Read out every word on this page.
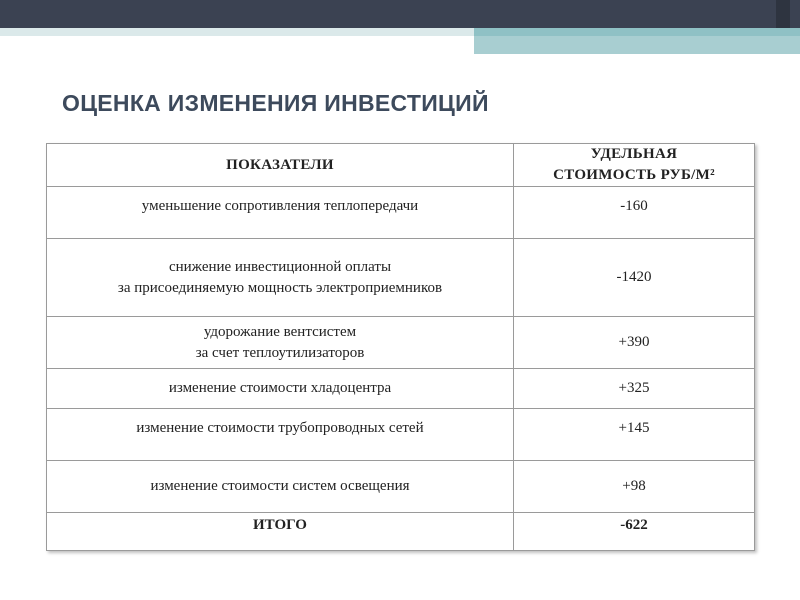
ОЦЕНКА ИЗМЕНЕНИЯ ИНВЕСТИЦИЙ
ПОКАЗАТЕЛИ	УДЕЛЬНАЯ
СТОИМОСТЬ РУБ/М²

уменьшение сопротивления теплопередачи	-160

снижение инвестиционной оплаты
за присоединяемую мощность электроприемников	-1420

удорожание вентсистем
за счет теплоутилизаторов	+390
изменение стоимости хладоцентра	+325
изменение стоимости трубопроводных сетей	+145
изменение стоимости систем освещения	+98
ИТОГО	-622
